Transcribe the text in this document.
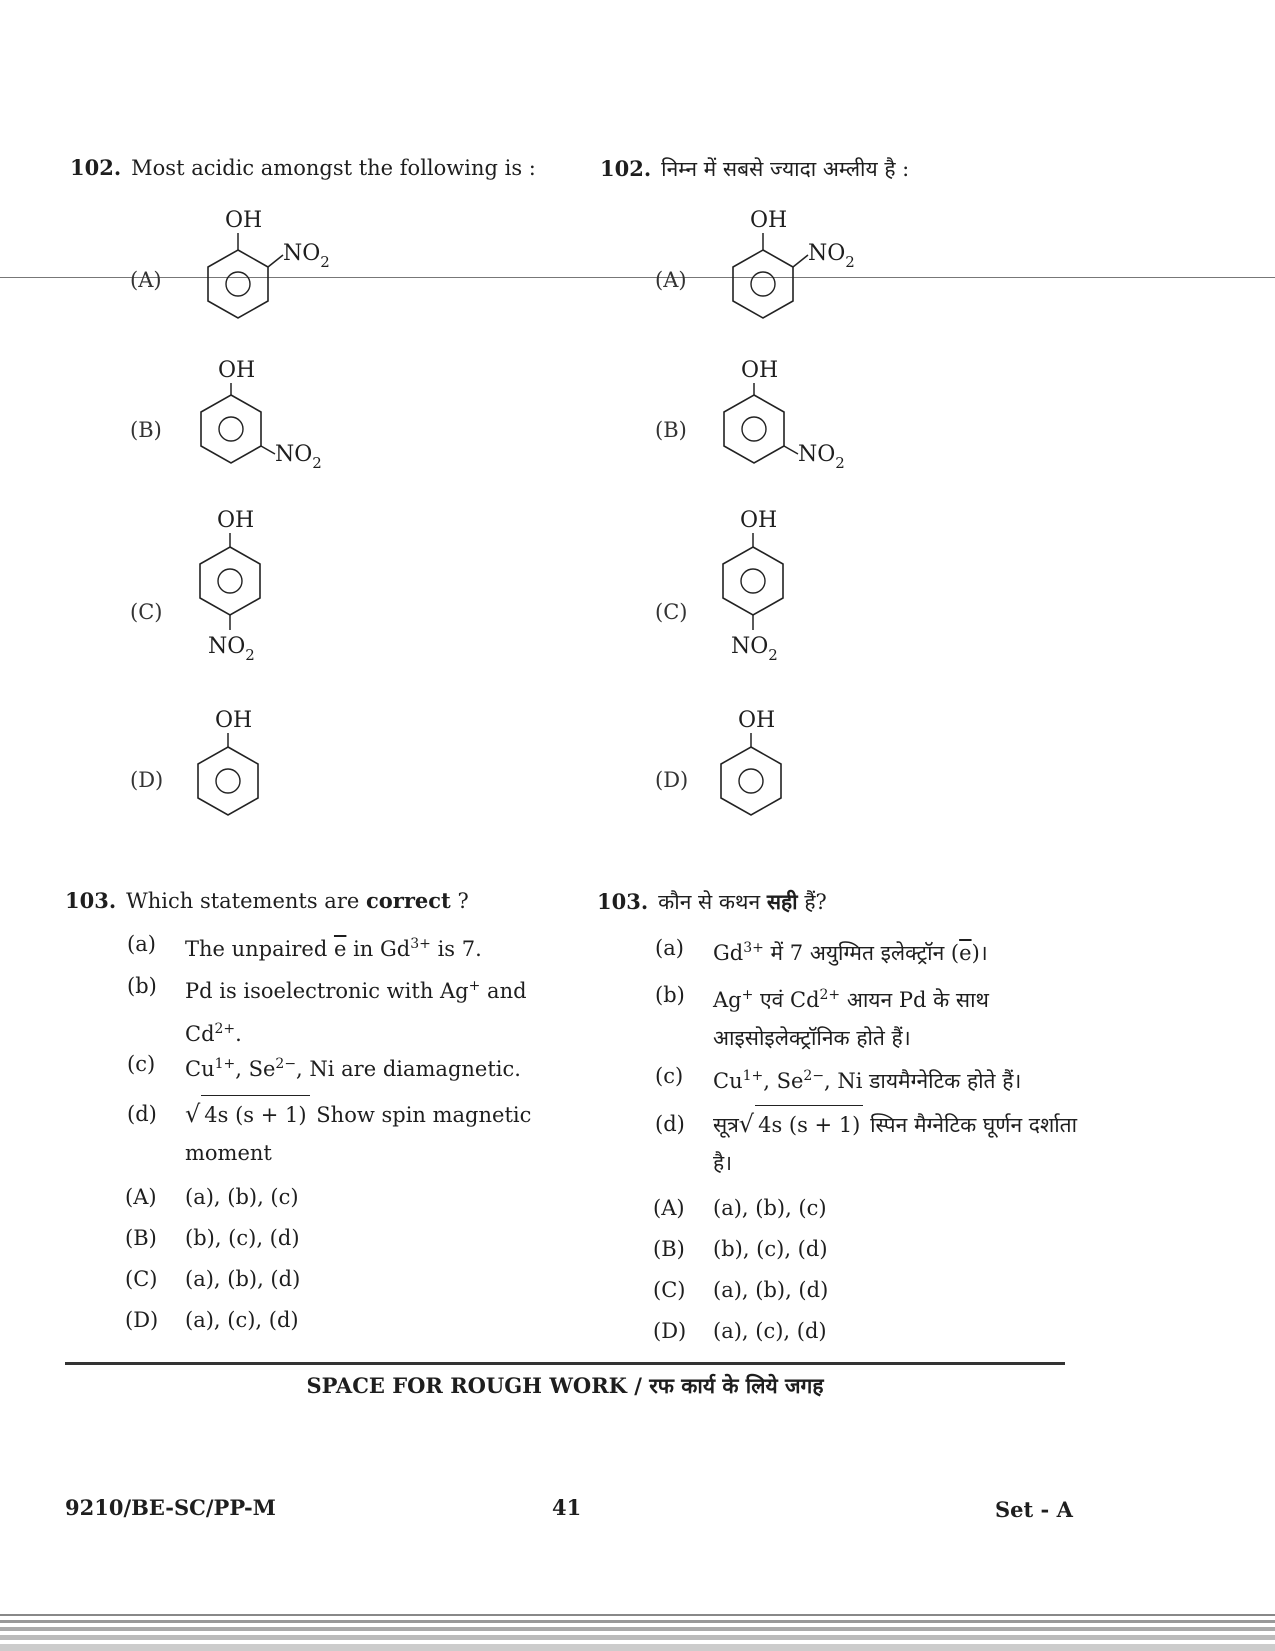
102. Most acidic amongst the following is :	102. निम्न में सबसे ज्यादा अम्लीय है :
(A)
OH
$NO_2$
(B)
OH
$NO_2$
(C)
OH
$NO_2$
(D)
OH
(A)
OH
$NO_2$
(B)
OH
$NO_2$
(C)
OH
$NO_2$
(D)
OH
103. Which statements are correct ?
(a) The unpaired $\overline{e}$ in $Gd^{3+}$ is 7.
(b) Pd is isoelectronic with Ag+ and
$Cd^{2+}$.
(c) $Cu^{1+}$, $Se^{2-}$, Ni are diamagnetic.
(d) √ 4s (s + 1) Show spin magnetic
moment
(A) (a), (b), (c)
(B) (b), (c), (d)
(C) (a), (b), (d)
(D) (a), (c), (d)
103. कौन से कथन सही हैं?
(a) $Gd^{3+}$ में 7 अयुग्मित इलेक्ट्रॉन $(\overline{e})।$
(b) Ag+ एवं $Cd^{2+}$ आयन Pd के साथ
आइसोइलेक्ट्रॉनिक होते हैं।
(c) $Cu^{1+}$, $Se^{2-}$, Ni डायमैग्नेटिक होते हैं।
(d) सूत्र√ 4s (s + 1) स्पिन मैग्नेटिक घूर्णन दर्शाता
है।
(A) (a), (b), (c)
(B) (b), (c), (d)
(C) (a), (b), (d)
(D) (a), (c), (d)
SPACE FOR ROUGH WORK / रफ कार्य के लिये जगह
9210/BE-SC/PP-M	41	Set - A
